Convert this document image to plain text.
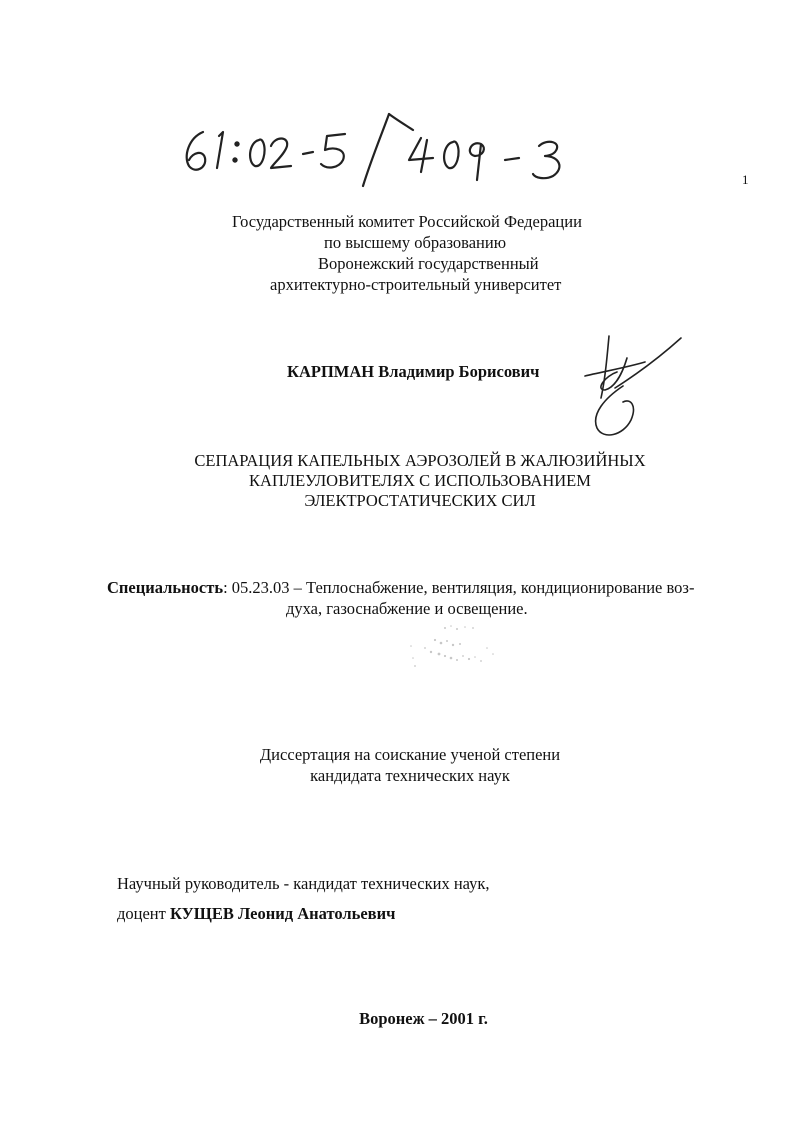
1
Государственный комитет Российской Федерации
по высшему образованию
Воронежский государственный
архитектурно-строительный университет
КАРПМАН Владимир Борисович
СЕПАРАЦИЯ КАПЕЛЬНЫХ АЭРОЗОЛЕЙ В ЖАЛЮЗИЙНЫХ
КАПЛЕУЛОВИТЕЛЯХ С ИСПОЛЬЗОВАНИЕМ
ЭЛЕКТРОСТАТИЧЕСКИХ СИЛ
Специальность: 05.23.03 – Теплоснабжение, вентиляция, кондиционирование воз-
духа, газоснабжение и освещение.
Диссертация на соискание ученой степени
кандидата технических наук
Научный руководитель - кандидат технических наук,
доцент КУЩЕВ Леонид Анатольевич
Воронеж – 2001 г.
